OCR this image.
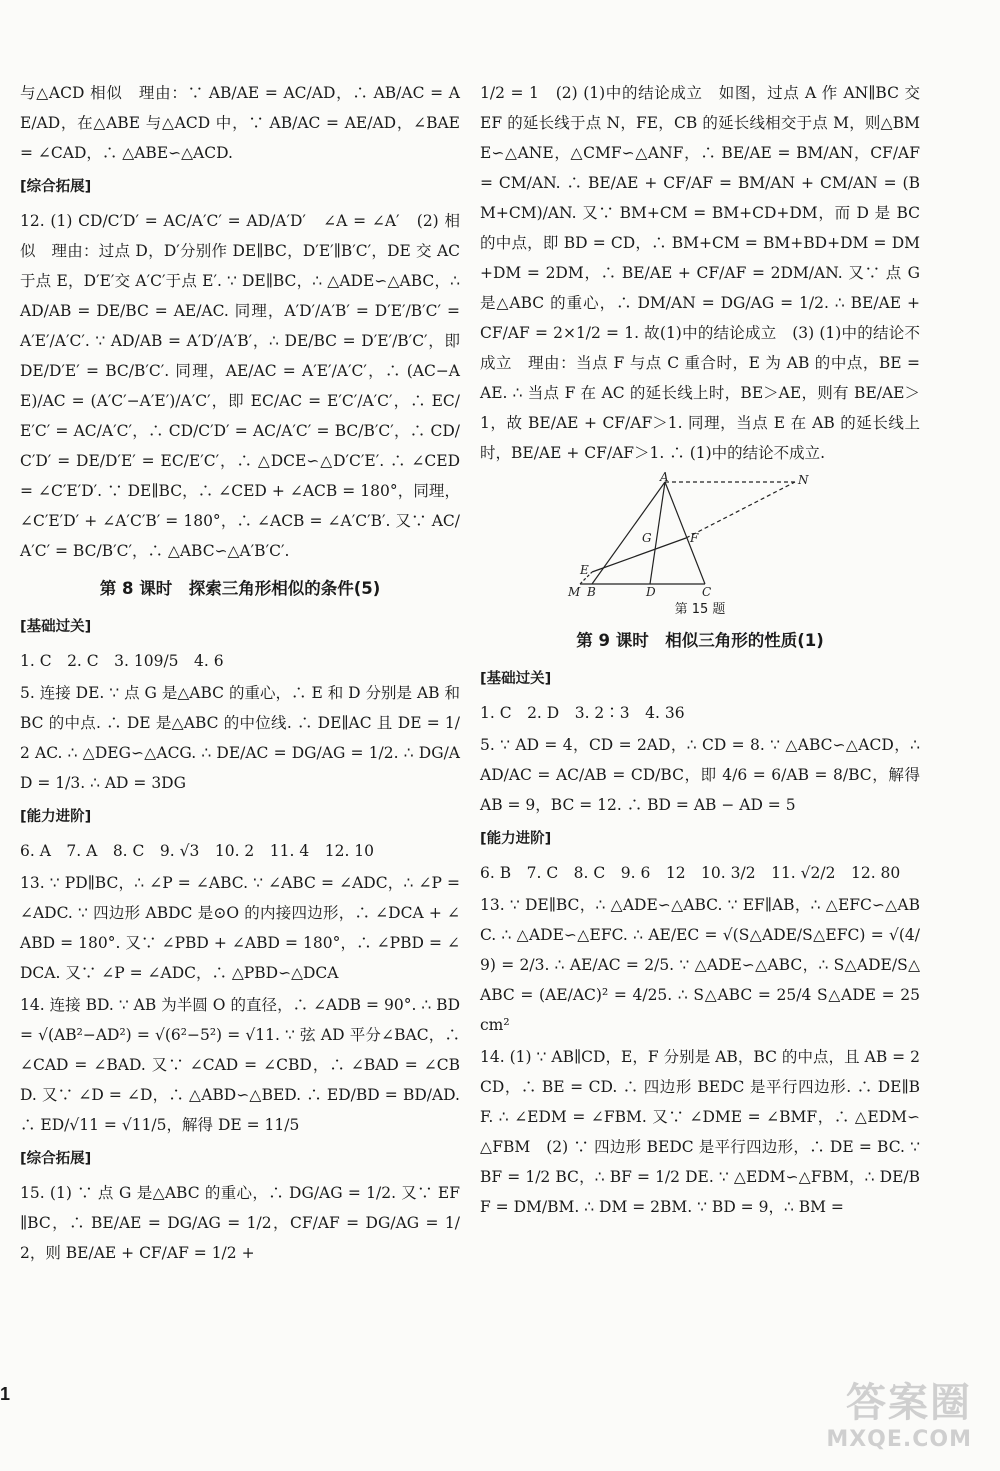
与△ACD 相似　理由：∵ AB/AE = AC/AD，∴ AB/AC = AE/AD，在△ABE 与△ACD 中，∵ AB/AC = AE/AD，∠BAE = ∠CAD，∴ △ABE∽△ACD.

[综合拓展]

12. (1) CD/C′D′ = AC/A′C′ = AD/A′D′　∠A = ∠A′　(2) 相似　理由：过点 D，D′分别作 DE∥BC，D′E′∥B′C′，DE 交 AC 于点 E，D′E′交 A′C′于点 E′. ∵ DE∥BC，∴ △ADE∽△ABC，∴ AD/AB = DE/BC = AE/AC. 同理，A′D′/A′B′ = D′E′/B′C′ = A′E′/A′C′. ∵ AD/AB = A′D′/A′B′，∴ DE/BC = D′E′/B′C′，即 DE/D′E′ = BC/B′C′. 同理，AE/AC = A′E′/A′C′，∴ (AC−AE)/AC = (A′C′−A′E′)/A′C′，即 EC/AC = E′C′/A′C′，∴ EC/E′C′ = AC/A′C′，∴ CD/C′D′ = AC/A′C′ = BC/B′C′，∴ CD/C′D′ = DE/D′E′ = EC/E′C′，∴ △DCE∽△D′C′E′. ∴ ∠CED = ∠C′E′D′. ∵ DE∥BC，∴ ∠CED + ∠ACB = 180°，同理，∠C′E′D′ + ∠A′C′B′ = 180°，∴ ∠ACB = ∠A′C′B′. 又∵ AC/A′C′ = BC/B′C′，∴ △ABC∽△A′B′C′.

第 8 课时　探索三角形相似的条件(5)
[基础过关]

1. C　2. C　3. 109/5　4. 6

5. 连接 DE. ∵ 点 G 是△ABC 的重心，∴ E 和 D 分别是 AB 和 BC 的中点. ∴ DE 是△ABC 的中位线. ∴ DE∥AC 且 DE = 1/2 AC. ∴ △DEG∽△ACG. ∴ DE/AC = DG/AG = 1/2. ∴ DG/AD = 1/3. ∴ AD = 3DG

[能力进阶]

6. A　7. A　8. C　9. √3　10. 2　11. 4　12. 10

13. ∵ PD∥BC，∴ ∠P = ∠ABC. ∵ ∠ABC = ∠ADC，∴ ∠P = ∠ADC. ∵ 四边形 ABDC 是⊙O 的内接四边形，∴ ∠DCA + ∠ABD = 180°. 又∵ ∠PBD + ∠ABD = 180°，∴ ∠PBD = ∠DCA. 又∵ ∠P = ∠ADC，∴ △PBD∽△DCA

14. 连接 BD. ∵ AB 为半圆 O 的直径，∴ ∠ADB = 90°. ∴ BD = √(AB²−AD²) = √(6²−5²) = √11. ∵ 弦 AD 平分∠BAC，∴ ∠CAD = ∠BAD. 又∵ ∠CAD = ∠CBD，∴ ∠BAD = ∠CBD. 又∵ ∠D = ∠D，∴ △ABD∽△BED. ∴ ED/BD = BD/AD. ∴ ED/√11 = √11/5，解得 DE = 11/5

[综合拓展]

15. (1) ∵ 点 G 是△ABC 的重心，∴ DG/AG = 1/2. 又∵ EF∥BC，∴ BE/AE = DG/AG = 1/2，CF/AF = DG/AG = 1/2，则 BE/AE + CF/AF = 1/2 +

1/2 = 1　(2) (1)中的结论成立　如图，过点 A 作 AN∥BC 交 EF 的延长线于点 N，FE，CB 的延长线相交于点 M，则△BME∽△ANE，△CMF∽△ANF，∴ BE/AE = BM/AN，CF/AF = CM/AN. ∴ BE/AE + CF/AF = BM/AN + CM/AN = (BM+CM)/AN. 又∵ BM+CM = BM+CD+DM，而 D 是 BC 的中点，即 BD = CD，∴ BM+CM = BM+BD+DM = DM+DM = 2DM，∴ BE/AE + CF/AF = 2DM/AN. 又∵ 点 G 是△ABC 的重心，∴ DM/AN = DG/AG = 1/2. ∴ BE/AE + CF/AF = 2×1/2 = 1. 故(1)中的结论成立　(3) (1)中的结论不成立　理由：当点 F 与点 C 重合时，E 为 AB 的中点，BE = AE. ∴ 当点 F 在 AC 的延长线上时，BE＞AE，则有 BE/AE＞1，故 BE/AE + CF/AF＞1. 同理，当点 E 在 AB 的延长线上时，BE/AE + CF/AF＞1. ∴ (1)中的结论不成立.

A	N
G	F
E
M B	D	C
第 15 题
第 9 课时　相似三角形的性质(1)
[基础过关]

1. C　2. D　3. 2∶3　4. 36

5. ∵ AD = 4，CD = 2AD，∴ CD = 8. ∵ △ABC∽△ACD，∴ AD/AC = AC/AB = CD/BC，即 4/6 = 6/AB = 8/BC，解得 AB = 9，BC = 12. ∴ BD = AB − AD = 5

[能力进阶]

6. B　7. C　8. C　9. 6　12　10. 3/2　11. √2/2　12. 80

13. ∵ DE∥BC，∴ △ADE∽△ABC. ∵ EF∥AB，∴ △EFC∽△ABC. ∴ △ADE∽△EFC. ∴ AE/EC = √(S△ADE/S△EFC) = √(4/9) = 2/3. ∴ AE/AC = 2/5. ∵ △ADE∽△ABC，∴ S△ADE/S△ABC = (AE/AC)² = 4/25. ∴ S△ABC = 25/4 S△ADE = 25 cm²

14. (1) ∵ AB∥CD，E，F 分别是 AB，BC 的中点，且 AB = 2CD，∴ BE = CD. ∴ 四边形 BEDC 是平行四边形. ∴ DE∥BF. ∴ ∠EDM = ∠FBM. 又∵ ∠DME = ∠BMF，∴ △EDM∽△FBM　(2) ∵ 四边形 BEDC 是平行四边形，∴ DE = BC. ∵ BF = 1/2 BC，∴ BF = 1/2 DE. ∵ △EDM∽△FBM，∴ DE/BF = DM/BM. ∴ DM = 2BM. ∵ BD = 9，∴ BM =

1	答案圈
MXQE.COM
